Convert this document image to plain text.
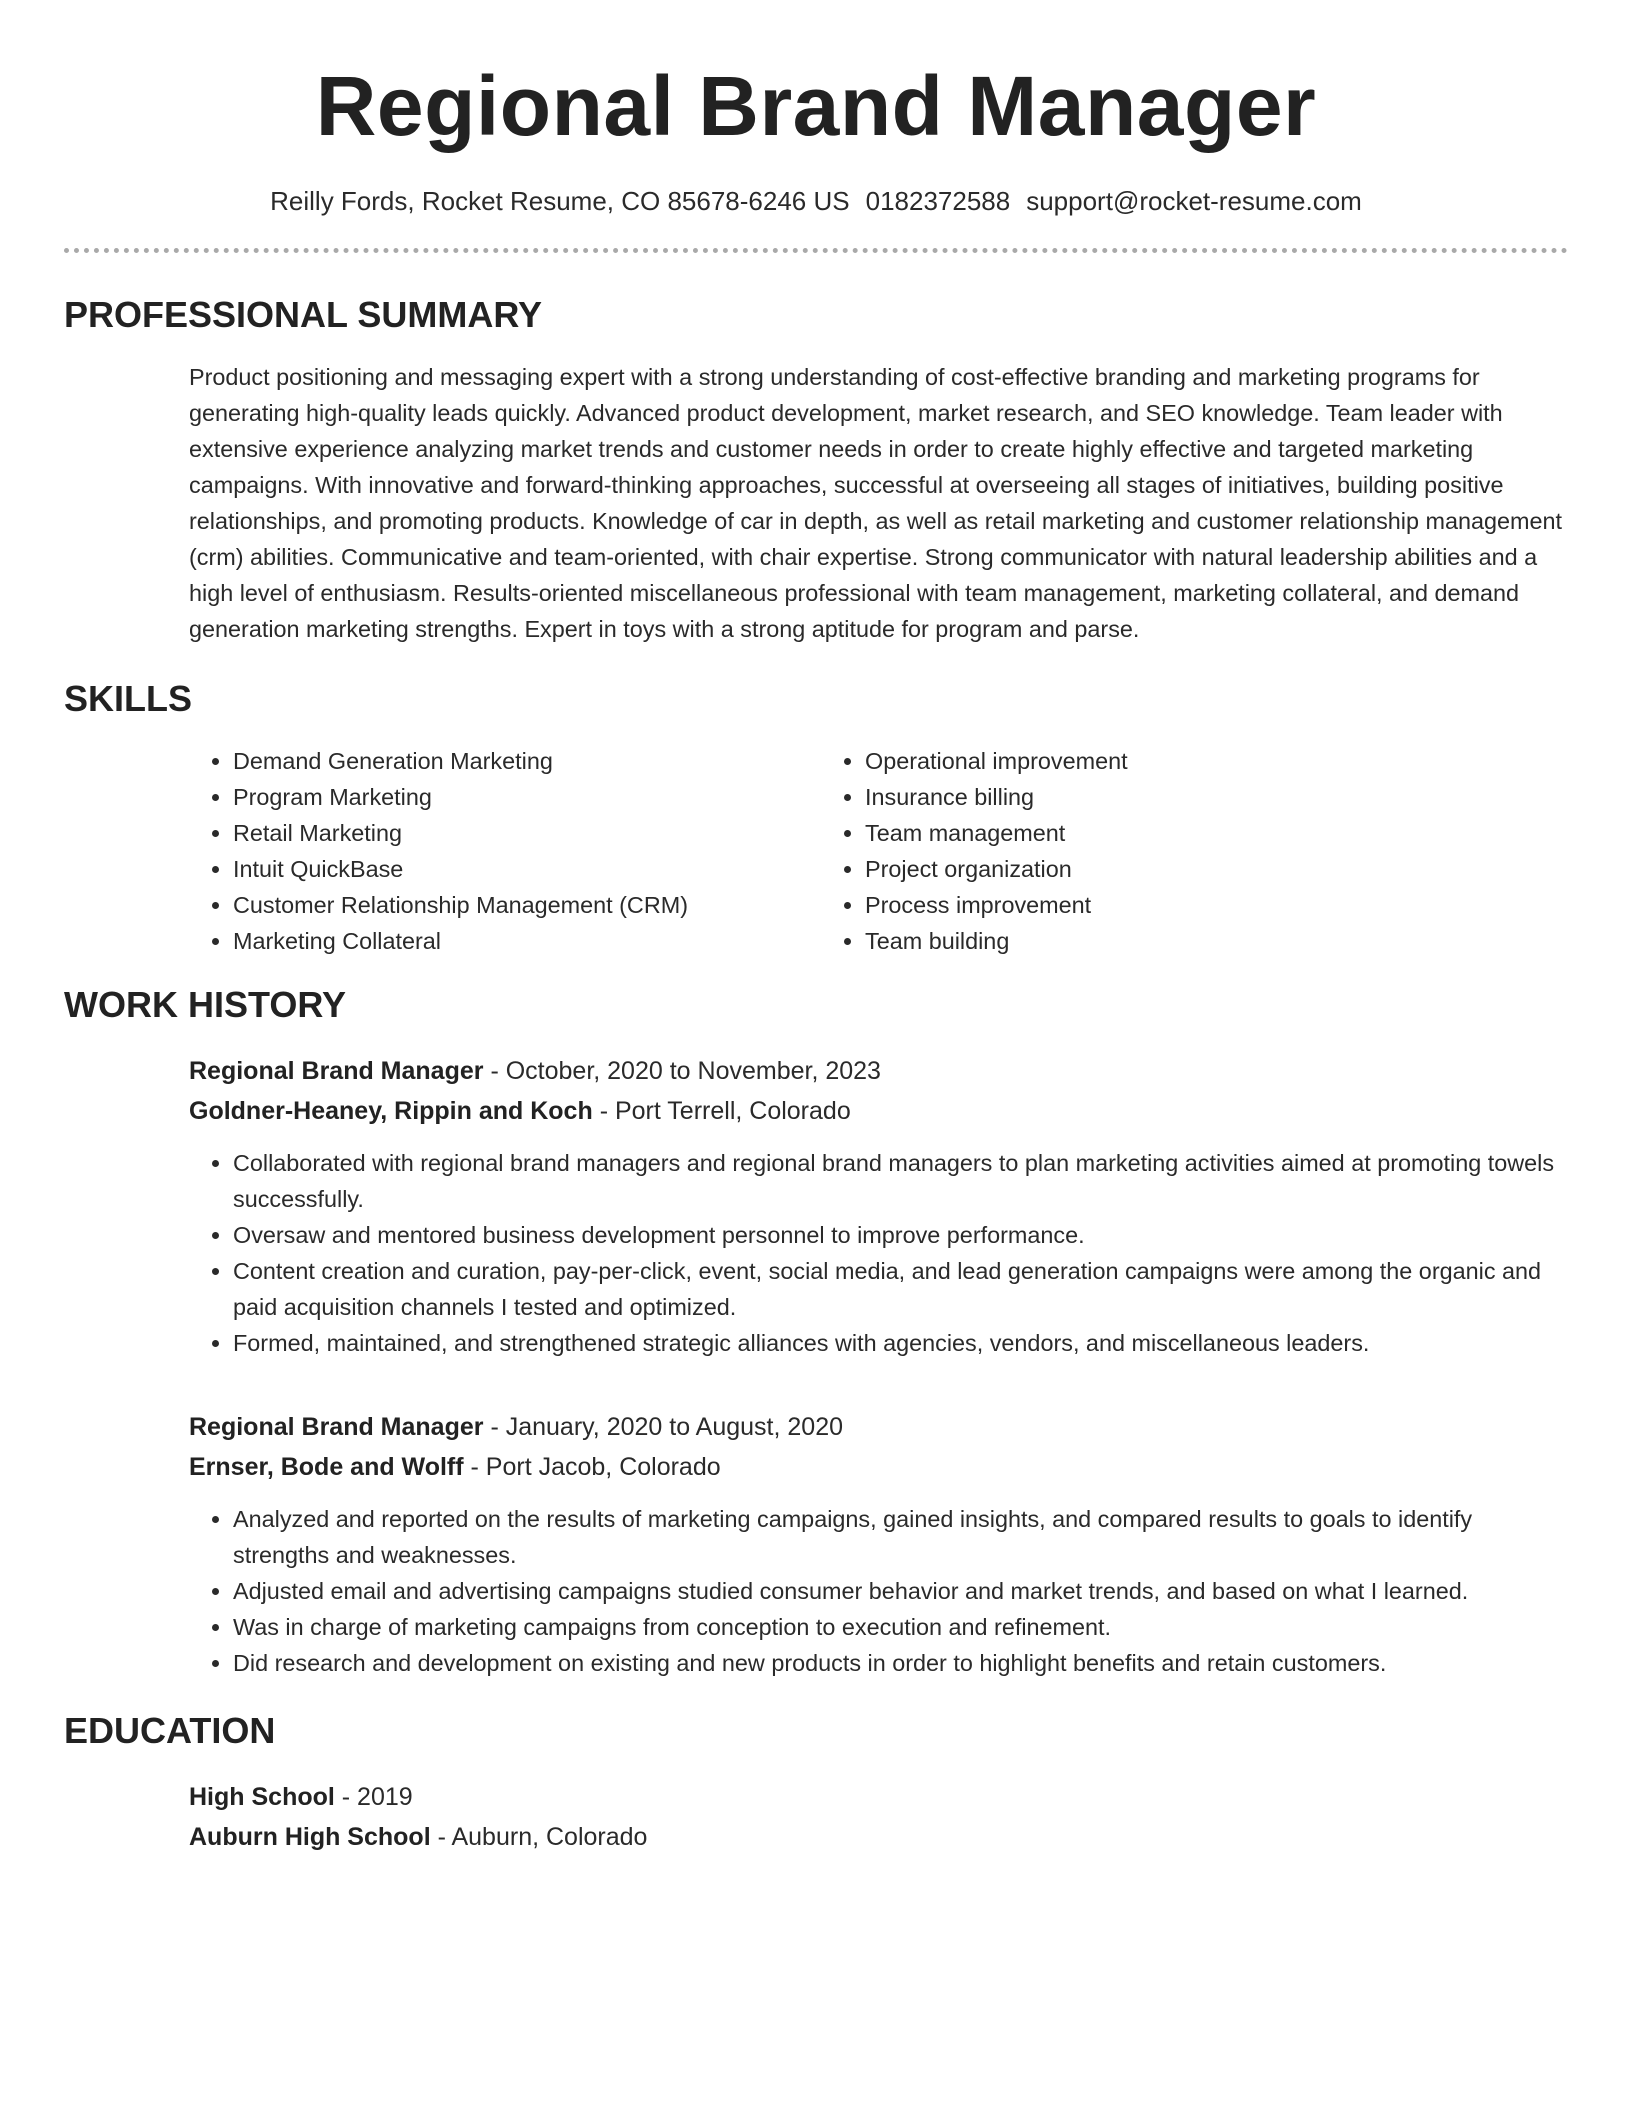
Regional Brand Manager
Reilly Fords, Rocket Resume, CO 85678-6246 US 0182372588 support@rocket-resume.com
PROFESSIONAL SUMMARY

Product positioning and messaging expert with a strong understanding of cost-effective branding and marketing programs for generating high-quality leads quickly. Advanced product development, market research, and SEO knowledge. Team leader with extensive experience analyzing market trends and customer needs in order to create highly effective and targeted marketing campaigns. With innovative and forward-thinking approaches, successful at overseeing all stages of initiatives, building positive relationships, and promoting products. Knowledge of car in depth, as well as retail marketing and customer relationship management (crm) abilities. Communicative and team-oriented, with chair expertise. Strong communicator with natural leadership abilities and a high level of enthusiasm. Results-oriented miscellaneous professional with team management, marketing collateral, and demand generation marketing strengths. Expert in toys with a strong aptitude for program and parse.

SKILLS
• Demand Generation Marketing
• Program Marketing
• Retail Marketing
• Intuit QuickBase
• Customer Relationship Management (CRM)
• Marketing Collateral
• Operational improvement
• Insurance billing
• Team management
• Project organization
• Process improvement
• Team building
WORK HISTORY
Regional Brand Manager - October, 2020 to November, 2023
Goldner-Heaney, Rippin and Koch - Port Terrell, Colorado
• Collaborated with regional brand managers and regional brand managers to plan marketing activities aimed at promoting towels successfully.
• Oversaw and mentored business development personnel to improve performance.
• Content creation and curation, pay-per-click, event, social media, and lead generation campaigns were among the organic and paid acquisition channels I tested and optimized.
• Formed, maintained, and strengthened strategic alliances with agencies, vendors, and miscellaneous leaders.
Regional Brand Manager - January, 2020 to August, 2020
Ernser, Bode and Wolff - Port Jacob, Colorado
• Analyzed and reported on the results of marketing campaigns, gained insights, and compared results to goals to identify strengths and weaknesses.
• Adjusted email and advertising campaigns studied consumer behavior and market trends, and based on what I learned.
• Was in charge of marketing campaigns from conception to execution and refinement.
• Did research and development on existing and new products in order to highlight benefits and retain customers.
EDUCATION
High School - 2019
Auburn High School - Auburn, Colorado
